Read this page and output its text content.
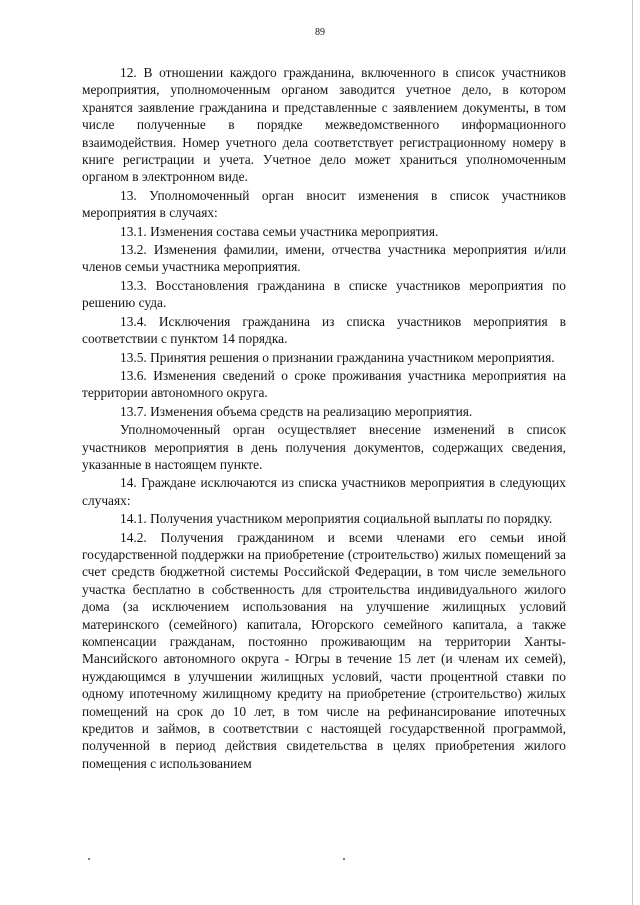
89

12. В отношении каждого гражданина, включенного в список участников мероприятия, уполномоченным органом заводится учетное дело, в котором хранятся заявление гражданина и представленные с заявлением документы, в том числе полученные в порядке межведомственного информационного взаимодействия. Номер учетного дела соответствует регистрационному номеру в книге регистрации и учета. Учетное дело может храниться уполномоченным органом в электронном виде.

13. Уполномоченный орган вносит изменения в список участников мероприятия в случаях:

13.1. Изменения состава семьи участника мероприятия.

13.2. Изменения фамилии, имени, отчества участника мероприятия и/или членов семьи участника мероприятия.

13.3. Восстановления гражданина в списке участников мероприятия по решению суда.

13.4. Исключения гражданина из списка участников мероприятия в соответствии с пунктом 14 порядка.

13.5. Принятия решения о признании гражданина участником мероприятия.

13.6. Изменения сведений о сроке проживания участника мероприятия на территории автономного округа.

13.7. Изменения объема средств на реализацию мероприятия.

Уполномоченный орган осуществляет внесение изменений в список участников мероприятия в день получения документов, содержащих сведения, указанные в настоящем пункте.

14. Граждане исключаются из списка участников мероприятия в следующих случаях:

14.1. Получения участником мероприятия социальной выплаты по порядку.

14.2. Получения гражданином и всеми членами его семьи иной государственной поддержки на приобретение (строительство) жилых помещений за счет средств бюджетной системы Российской Федерации, в том числе земельного участка бесплатно в собственность для строительства индивидуального жилого дома (за исключением использования на улучшение жилищных условий материнского (семейного) капитала, Югорского семейного капитала, а также компенсации гражданам, постоянно проживающим на территории Ханты-Мансийского автономного округа - Югры в течение 15 лет (и членам их семей), нуждающимся в улучшении жилищных условий, части процентной ставки по одному ипотечному жилищному кредиту на приобретение (строительство) жилых помещений на срок до 10 лет, в том числе на рефинансирование ипотечных кредитов и займов, в соответствии с настоящей государственной программой, полученной в период действия свидетельства в целях приобретения жилого помещения с использованием
